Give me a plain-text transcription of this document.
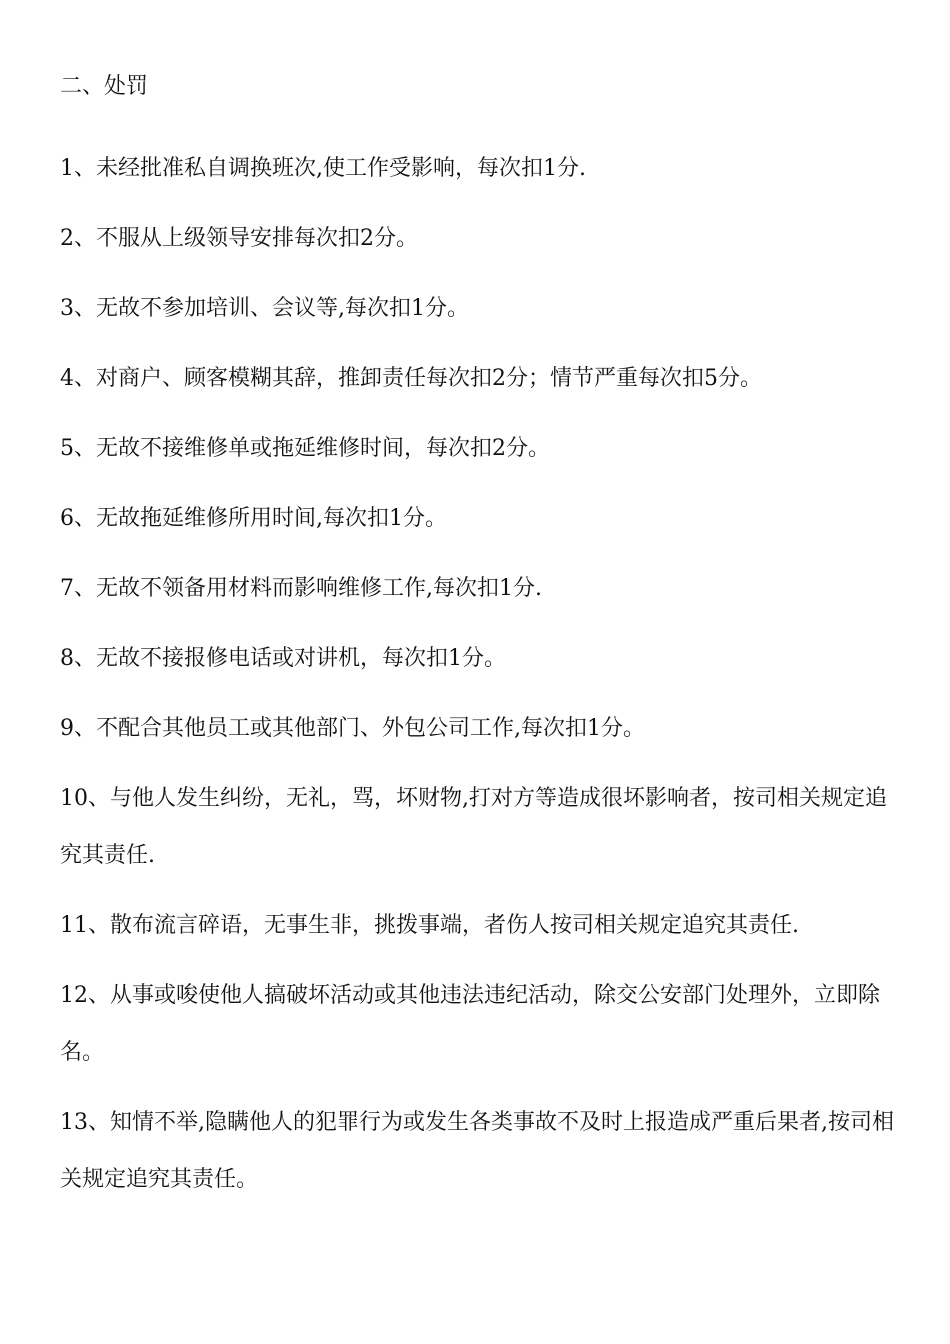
二、处罚
1、未经批准私自调换班次,使工作受影响，每次扣1分.
2、不服从上级领导安排每次扣2分。
3、无故不参加培训、会议等,每次扣1分。
4、对商户、顾客模糊其辞，推卸责任每次扣2分；情节严重每次扣5分。
5、无故不接维修单或拖延维修时间，每次扣2分。
6、无故拖延维修所用时间,每次扣1分。
7、无故不领备用材料而影响维修工作,每次扣1分.
8、无故不接报修电话或对讲机，每次扣1分。
9、不配合其他员工或其他部门、外包公司工作,每次扣1分。
10、与他人发生纠纷，无礼，骂，坏财物,打对方等造成很坏影响者，按司相关规定追究其责任.
11、散布流言碎语，无事生非，挑拨事端，者伤人按司相关规定追究其责任.
12、从事或唆使他人搞破坏活动或其他违法违纪活动，除交公安部门处理外，立即除名。
13、知情不举,隐瞒他人的犯罪行为或发生各类事故不及时上报造成严重后果者,按司相关规定追究其责任。
